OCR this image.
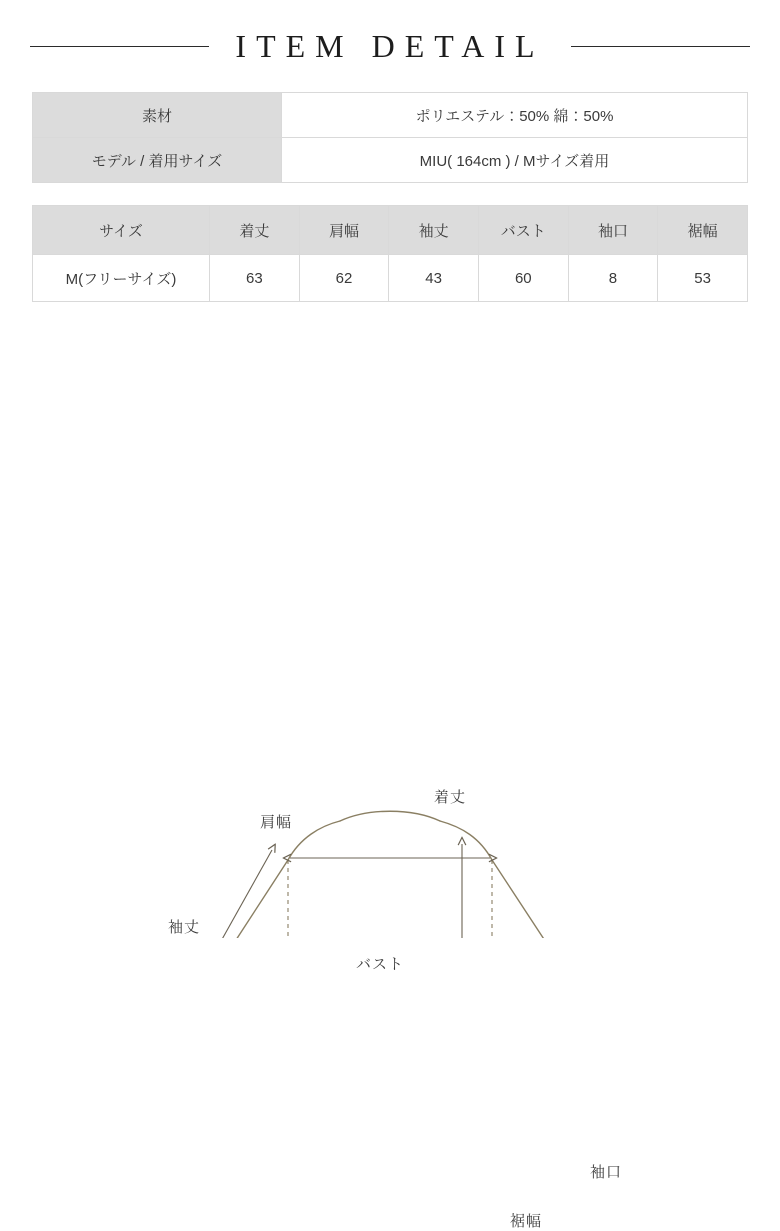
ITEM DETAIL
素材	ポリエステル：50% 綿：50%
モデル / 着用サイズ	MIU( 164cm ) / Mサイズ着用
サイズ	着丈	肩幅	袖丈	バスト	袖口	裾幅
M(フリーサイズ)	63	62	43	60	8	53
肩幅
着丈
袖丈
バスト
袖口
裾幅
